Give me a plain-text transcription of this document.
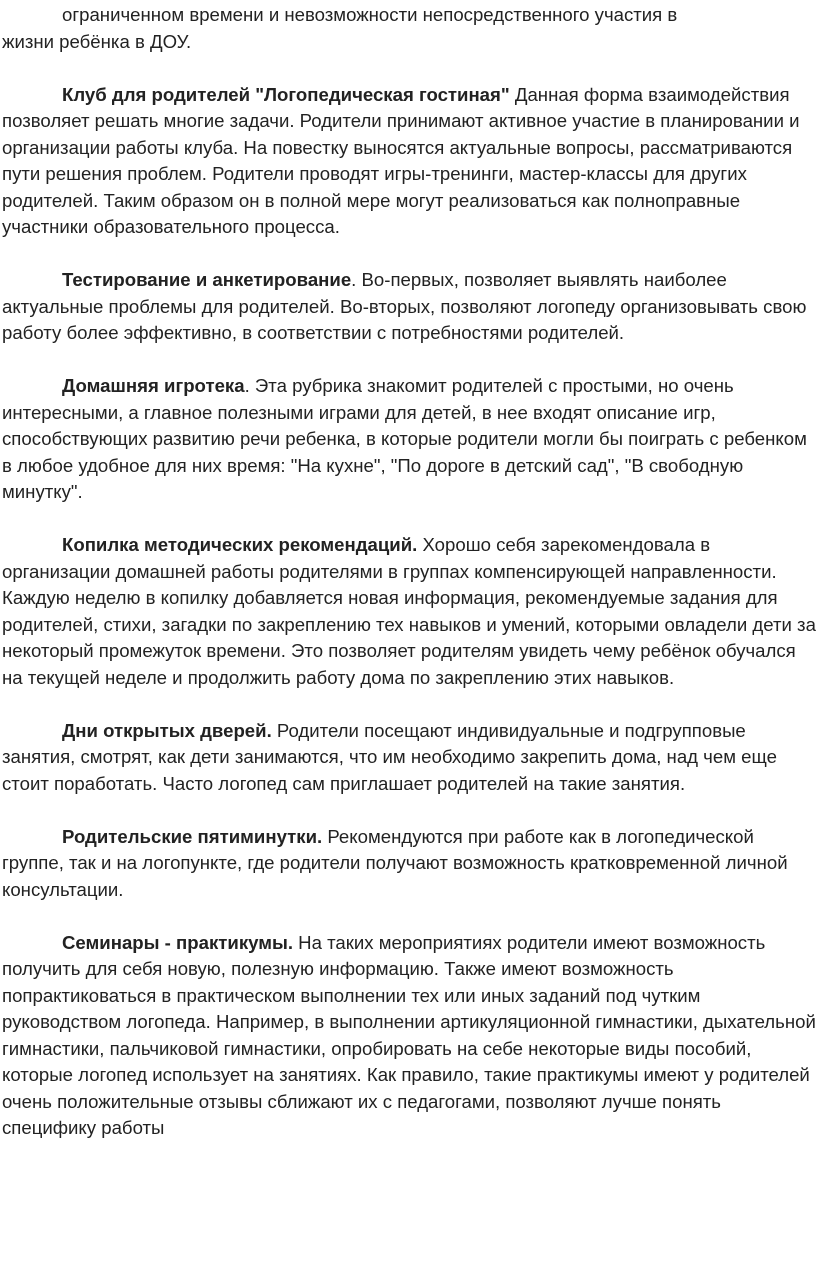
ограниченном времени и невозможности непосредственного участия в
жизни ребёнка в ДОУ.

Клуб для родителей "Логопедическая гостиная" Данная форма взаимодействия позволяет решать многие задачи. Родители принимают активное участие в планировании и организации работы клуба. На повестку выносятся актуальные вопросы, рассматриваются пути решения проблем. Родители проводят игры-тренинги, мастер-классы для других родителей. Таким образом он в полной мере могут реализоваться как полноправные участники образовательного процесса.

Тестирование и анкетирование. Во-первых, позволяет выявлять наиболее актуальные проблемы для родителей. Во-вторых, позволяют логопеду организовывать свою работу более эффективно, в соответствии с потребностями родителей.

Домашняя игротека. Эта рубрика знакомит родителей с простыми, но очень интересными, а главное полезными играми для детей, в нее входят описание игр, способствующих развитию речи ребенка, в которые родители могли бы поиграть с ребенком в любое удобное для них время: "На кухне", "По дороге в детский сад", "В свободную минутку".

Копилка методических рекомендаций. Хорошо себя зарекомендовала в организации домашней работы родителями в группах компенсирующей направленности. Каждую неделю в копилку добавляется новая информация, рекомендуемые задания для родителей, стихи, загадки по закреплению тех навыков и умений, которыми овладели дети за некоторый промежуток времени. Это позволяет родителям увидеть чему ребёнок обучался на текущей неделе и продолжить работу дома по закреплению этих навыков.

Дни открытых дверей. Родители посещают индивидуальные и подгрупповые занятия, смотрят, как дети занимаются, что им необходимо закрепить дома, над чем еще стоит поработать. Часто логопед сам приглашает родителей на такие занятия.

Родительские пятиминутки. Рекомендуются при работе как в логопедической группе, так и на логопункте, где родители получают возможность кратковременной личной консультации.

Семинары - практикумы. На таких мероприятиях родители имеют возможность получить для себя новую, полезную информацию. Также имеют возможность попрактиковаться в практическом выполнении тех или иных заданий под чутким руководством логопеда. Например, в выполнении артикуляционной гимнастики, дыхательной гимнастики, пальчиковой гимнастики, опробировать на себе некоторые виды пособий, которые логопед использует на занятиях. Как правило, такие практикумы имеют у родителей очень положительные отзывы сближают их с педагогами, позволяют лучше понять специфику работы
